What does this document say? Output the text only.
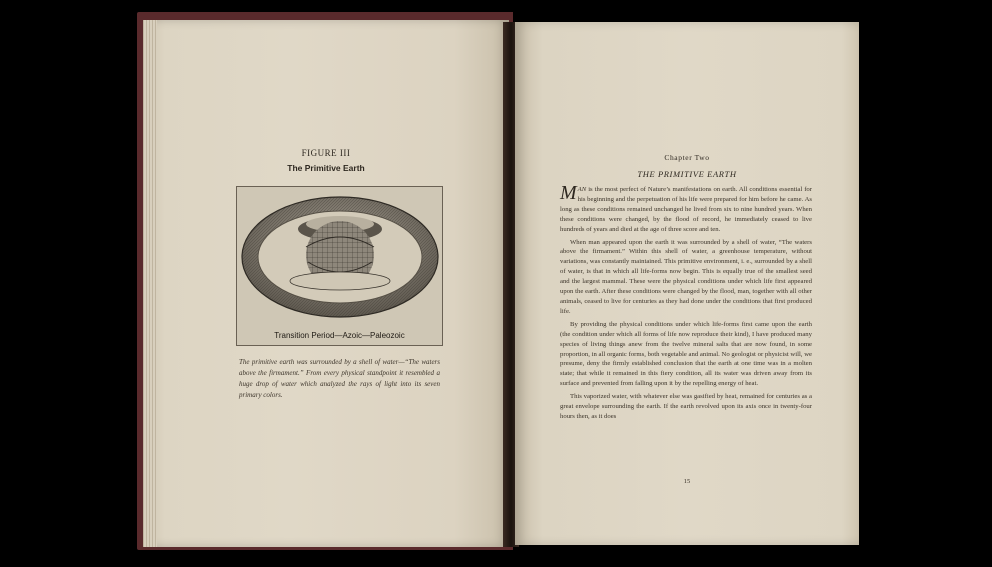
FIGURE III
The Primitive Earth
Transition Period—Azoic—Paleozoic
The primitive earth was surrounded by a shell of water—“The waters above the firmament.” From every physical standpoint it resembled a huge drop of water which analyzed the rays of light into its seven primary colors.
Chapter Two
THE PRIMITIVE EARTH

MAN is the most perfect of Nature’s manifestations on earth. All conditions essential for his beginning and the perpetuation of his life were prepared for him before he came. As long as these conditions remained unchanged he lived from six to nine hundred years. When these conditions were changed, by the flood of record, he immediately ceased to live hundreds of years and died at the age of three score and ten.

When man appeared upon the earth it was surrounded by a shell of water, “The waters above the firmament.” Within this shell of water, a greenhouse temperature, without variations, was constantly maintained. This primitive environment, i. e., surrounded by a shell of water, is that in which all life-forms now begin. This is equally true of the smallest seed and the largest mammal. These were the physical conditions under which life first appeared upon the earth. After these conditions were changed by the flood, man, together with all other animals, ceased to live for centuries as they had done under the conditions that first produced life.

By providing the physical conditions under which life-forms first came upon the earth (the condition under which all forms of life now reproduce their kind), I have produced many species of living things anew from the twelve mineral salts that are now found, in some proportion, in all organic forms, both vegetable and animal. No geologist or physicist will, we presume, deny the firmly established conclusion that the earth at one time was in a molten state; that while it remained in this fiery condition, all its water was driven away from its surface and prevented from falling upon it by the repelling energy of heat.

This vaporized water, with whatever else was gasified by heat, remained for centuries as a great envelope surrounding the earth. If the earth revolved upon its axis once in twenty-four hours then, as it does

15
